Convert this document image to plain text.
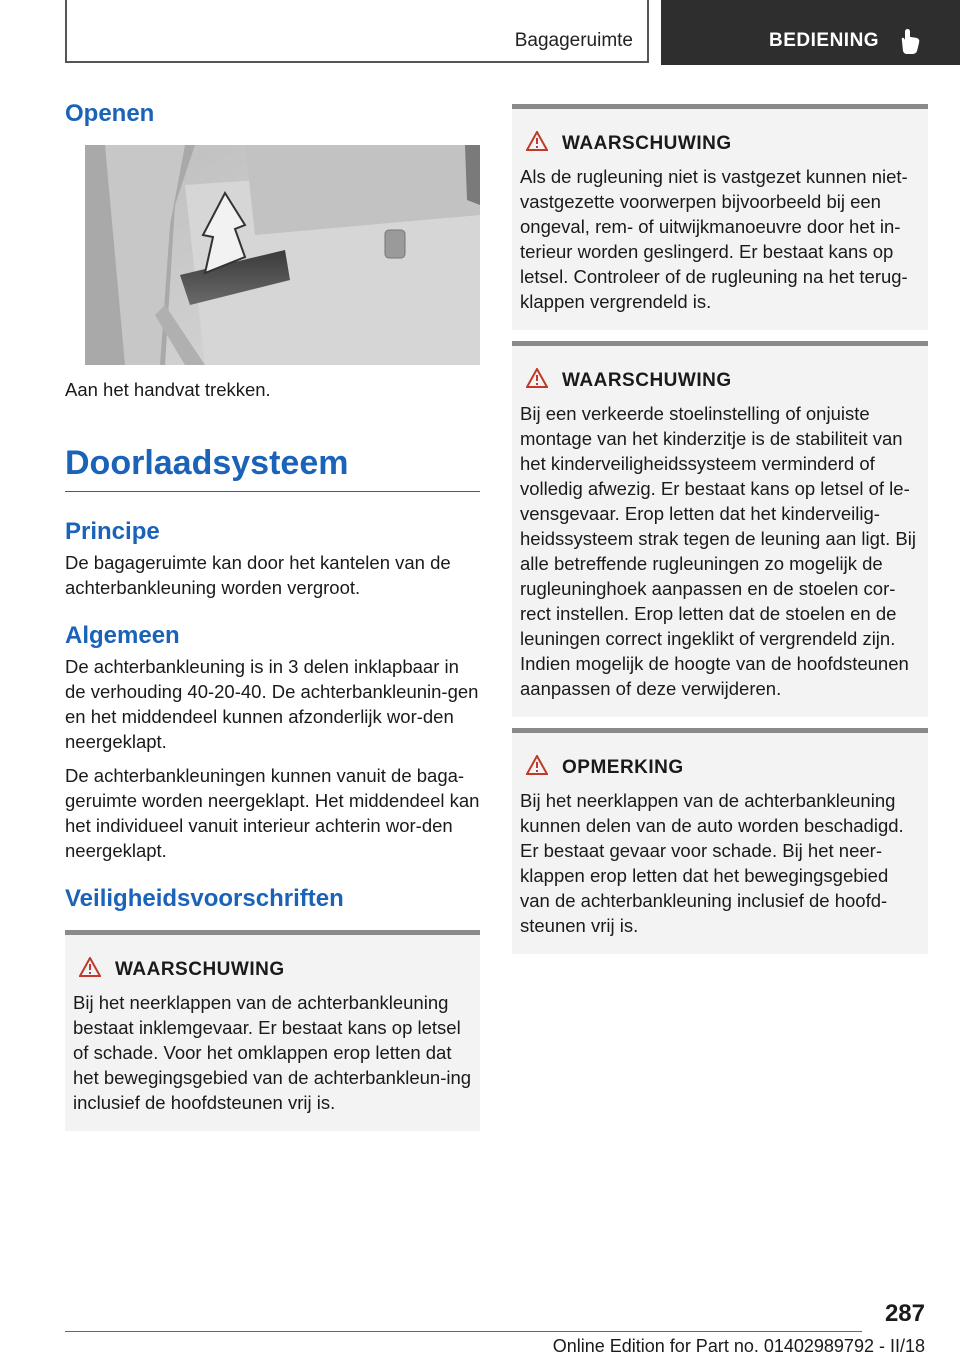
Bagageruimte	BEDIENING
Openen

Aan het handvat trekken.

Doorlaadsysteem
Principe

De bagageruimte kan door het kantelen van de achterbankleuning worden vergroot.

Algemeen

De achterbankleuning is in 3 delen inklapbaar in de verhouding 40-20-40. De achterbankleunin-gen en het middendeel kunnen afzonderlijk wor-den neergeklapt.

De achterbankleuningen kunnen vanuit de baga-geruimte worden neergeklapt. Het middendeel kan het individueel vanuit interieur achterin wor-den neergeklapt.

Veiligheidsvoorschriften
WAARSCHUWING

Bij het neerklappen van de achterbankleuning bestaat inklemgevaar. Er bestaat kans op letsel of schade. Voor het omklappen erop letten dat het bewegingsgebied van de achterbankleun-ing inclusief de hoofdsteunen vrij is.

WAARSCHUWING

Als de rugleuning niet is vastgezet kunnen niet-vastgezette voorwerpen bijvoorbeeld bij een ongeval, rem- of uitwijkmanoeuvre door het in-terieur worden geslingerd. Er bestaat kans op letsel. Controleer of de rugleuning na het terug-klappen vergrendeld is.

WAARSCHUWING

Bij een verkeerde stoelinstelling of onjuiste montage van het kinderzitje is de stabiliteit van het kinderveiligheidssysteem verminderd of volledig afwezig. Er bestaat kans op letsel of le-vensgevaar. Erop letten dat het kinderveilig-heidssysteem strak tegen de leuning aan ligt. Bij alle betreffende rugleuningen zo mogelijk de rugleuninghoek aanpassen en de stoelen cor-rect instellen. Erop letten dat de stoelen en de leuningen correct ingeklikt of vergrendeld zijn. Indien mogelijk de hoogte van de hoofdsteunen aanpassen of deze verwijderen.

OPMERKING

Bij het neerklappen van de achterbankleuning kunnen delen van de auto worden beschadigd. Er bestaat gevaar voor schade. Bij het neer-klappen erop letten dat het bewegingsgebied van de achterbankleuning inclusief de hoofd-steunen vrij is.

287
Online Edition for Part no. 01402989792 - II/18
